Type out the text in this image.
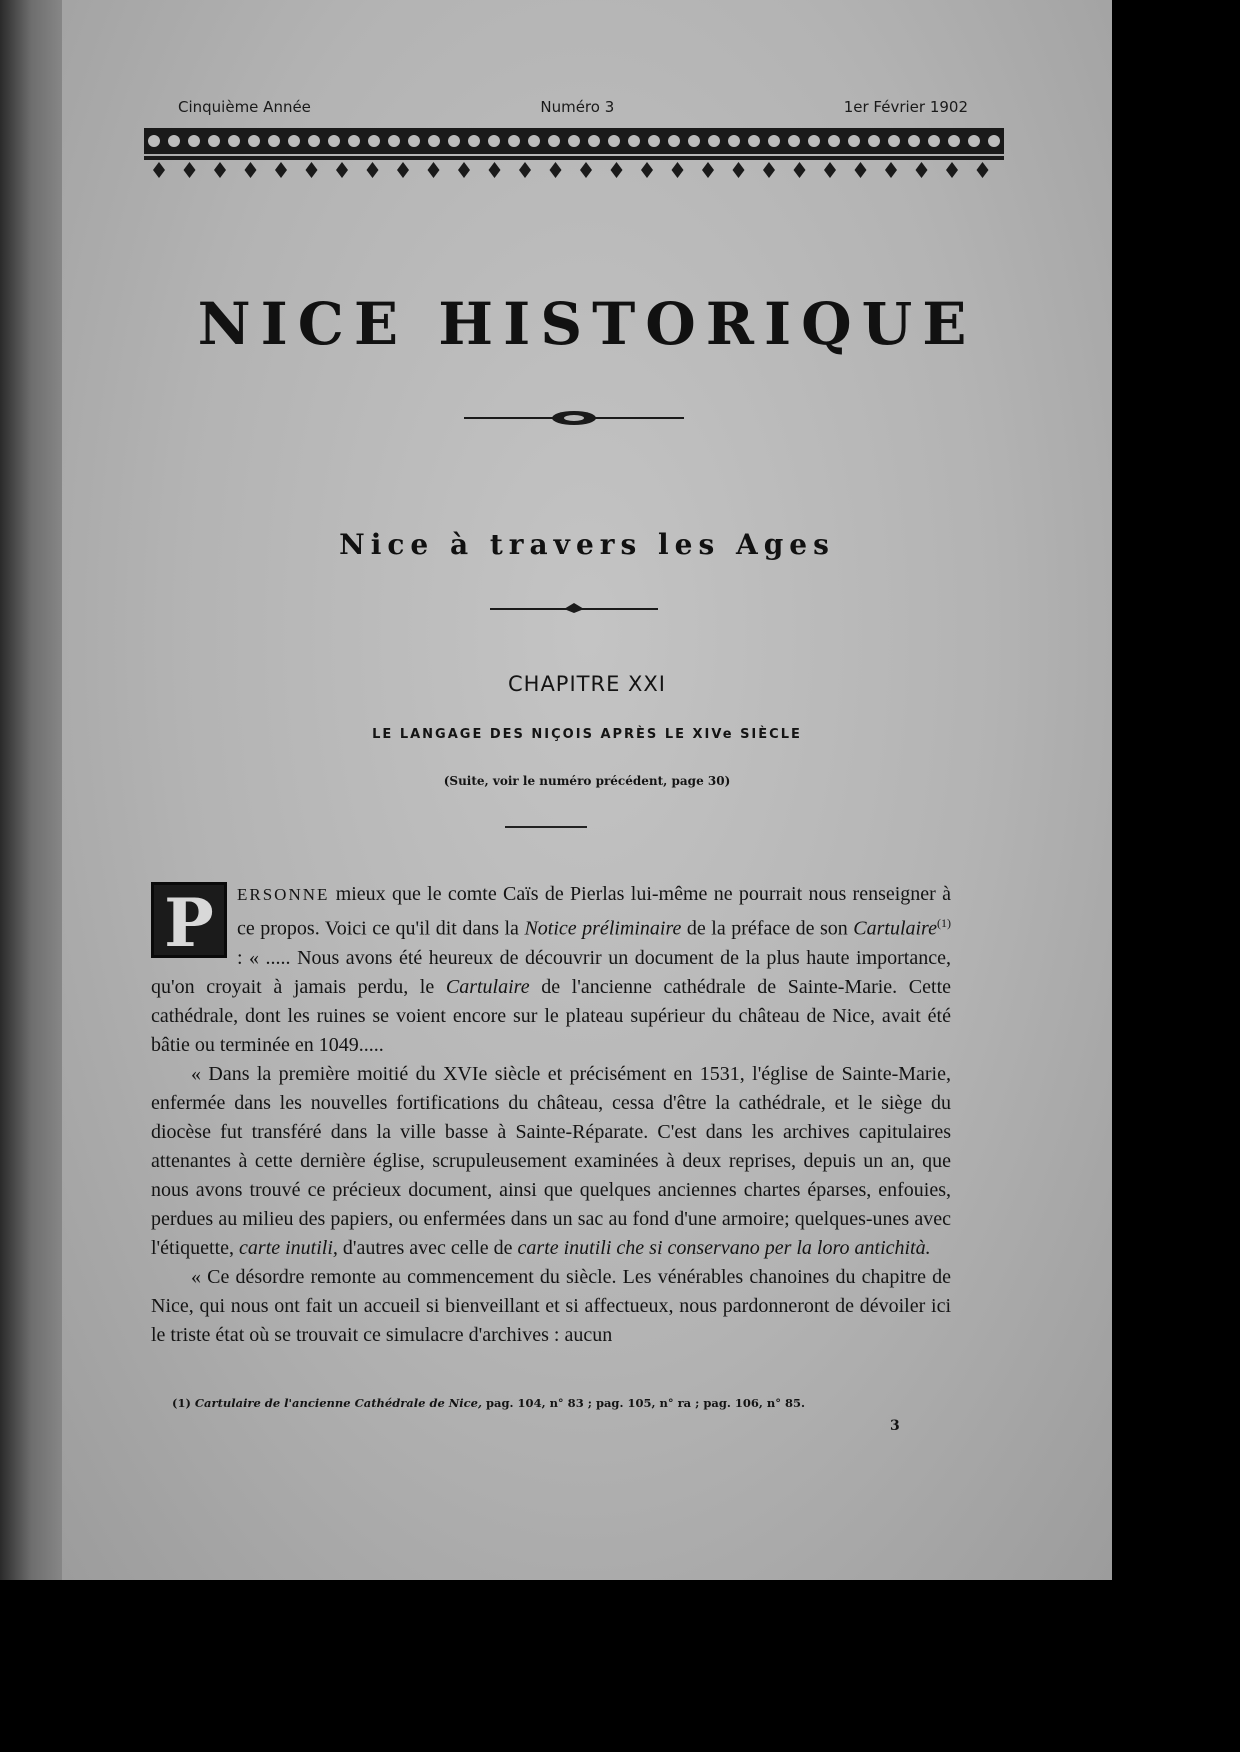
Cinquième Année	Numéro 3	1er Février 1902
NICE HISTORIQUE
Nice à travers les Ages
CHAPITRE XXI
LE LANGAGE DES NIÇOIS APRÈS LE XIVe SIÈCLE
(Suite, voir le numéro précédent, page 30)

P	ERSONNE mieux que le comte Caïs de Pierlas lui-même ne pourrait nous renseigner à ce propos. Voici ce qu'il dit dans la Notice préliminaire de la préface de son Cartulaire$^{(1)}$ : « ..... Nous avons été heureux de découvrir un document de la plus haute importance, qu'on croyait à jamais perdu, le Cartulaire de l'ancienne cathédrale de Sainte-Marie. Cette cathédrale, dont les ruines se voient encore sur le plateau supérieur du château de Nice, avait été bâtie ou terminée en 1049.....

« Dans la première moitié du XVIe siècle et précisément en 1531, l'église de Sainte-Marie, enfermée dans les nouvelles fortifications du château, cessa d'être la cathédrale, et le siège du diocèse fut transféré dans la ville basse à Sainte-Réparate. C'est dans les archives capitulaires attenantes à cette dernière église, scrupuleusement examinées à deux reprises, depuis un an, que nous avons trouvé ce précieux document, ainsi que quelques anciennes chartes éparses, enfouies, perdues au milieu des papiers, ou enfermées dans un sac au fond d'une armoire; quelques-unes avec l'étiquette, carte inutili, d'autres avec celle de carte inutili che si conservano per la loro antichità.

« Ce désordre remonte au commencement du siècle. Les vénérables chanoines du chapitre de Nice, qui nous ont fait un accueil si bienveillant et si affectueux, nous pardonneront de dévoiler ici le triste état où se trouvait ce simulacre d'archives : aucun

(1) Cartulaire de l'ancienne Cathédrale de Nice, pag. 104, n° 83 ; pag. 105, n° ra ; pag. 106, n° 85.
3
